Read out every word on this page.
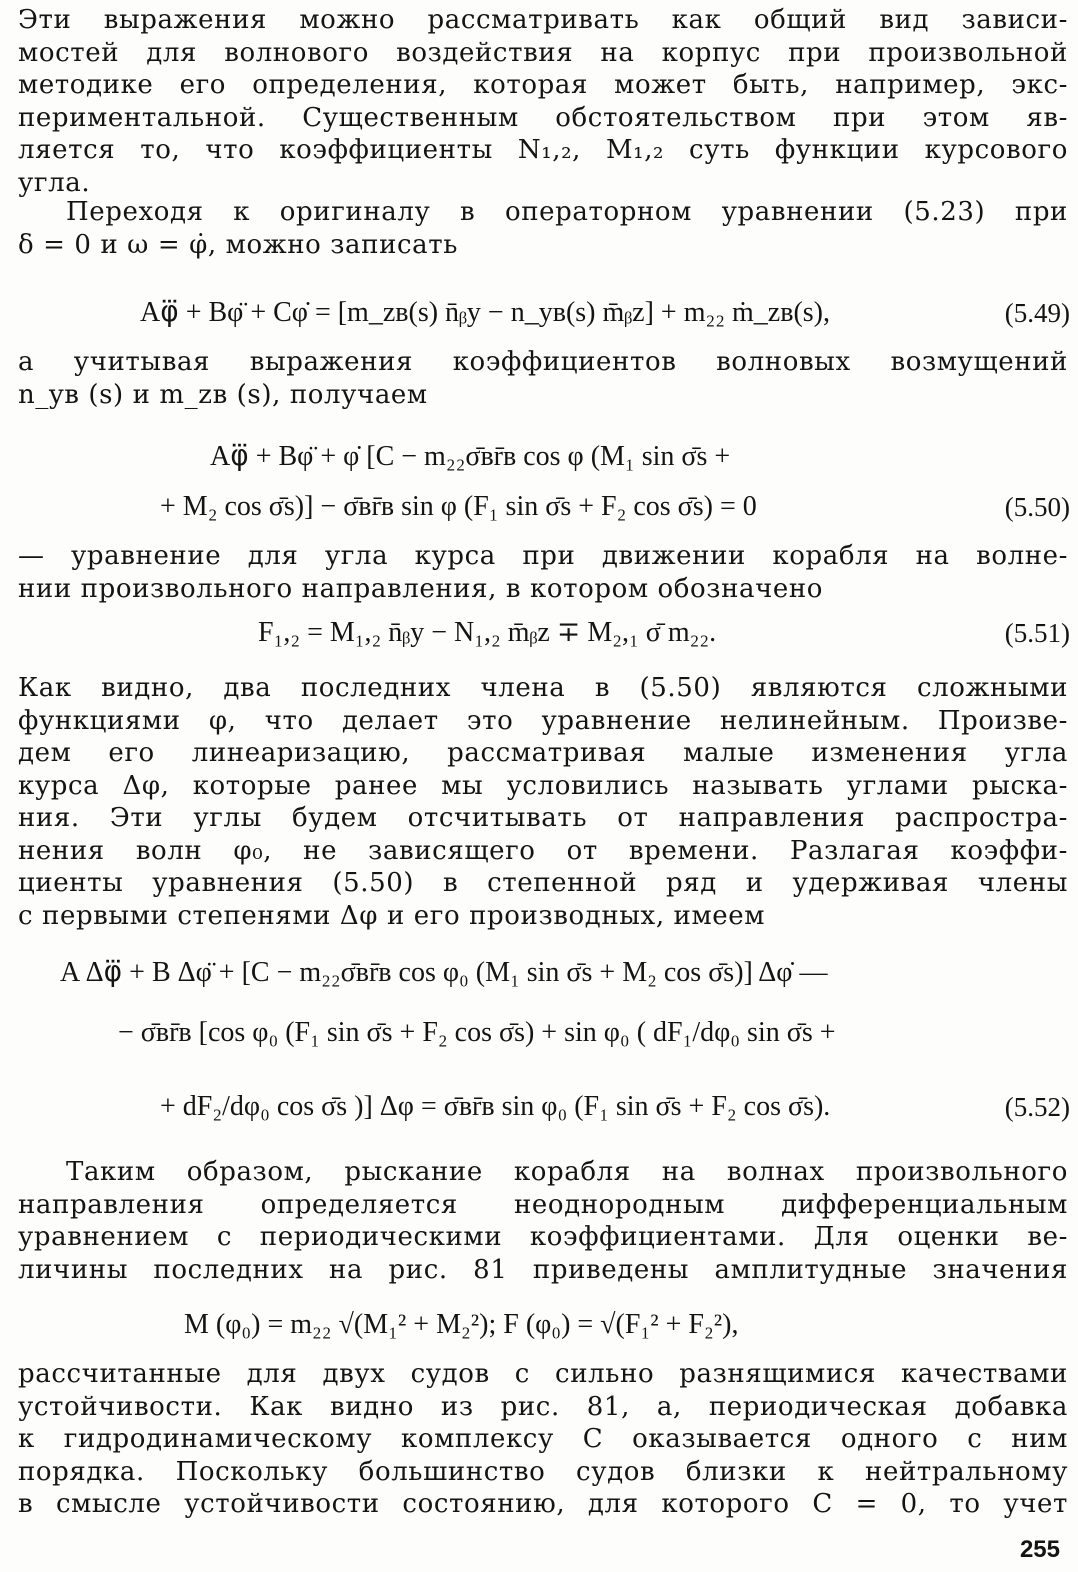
Эти выражения можно рассматривать как общий вид зависи-
мостей для волнового воздействия на корпус при произвольной
методике его определения, которая может быть, например, экс-
периментальной. Существенным обстоятельством при этом яв-
ляется то, что коэффициенты N₁,₂, M₁,₂ суть функции курсового
угла.
Переходя к оригиналу в операторном уравнении (5.23) при
δ = 0 и ω = φ̇, можно записать
Aφ⃛ + Bφ̈ + Cφ̇ = [m_zв(s) n̄ᵦy − n_yв(s) m̄ᵦz] + m₂₂ ṁ_zв(s),	(5.49)
а учитывая выражения коэффициентов волновых возмущений
n_yв (s) и m_zв (s), получаем
Aφ⃛ + Bφ̈ + φ̇ [C − m₂₂σ̄вr̄в cos φ (M₁ sin σ̄s +
+ M₂ cos σ̄s)] − σ̄вr̄в sin φ (F₁ sin σ̄s + F₂ cos σ̄s) = 0	(5.50)
— уравнение для угла курса при движении корабля на волне-
нии произвольного направления, в котором обозначено
F₁,₂ = M₁,₂ n̄ᵦy − N₁,₂ m̄ᵦz ∓ M₂,₁ σ̄ m₂₂.	(5.51)
Как видно, два последних члена в (5.50) являются сложными
функциями φ, что делает это уравнение нелинейным. Произве-
дем его линеаризацию, рассматривая малые изменения угла
курса Δφ, которые ранее мы условились называть углами рыска-
ния. Эти углы будем отсчитывать от направления распростра-
нения волн φ₀, не зависящего от времени. Разлагая коэффи-
циенты уравнения (5.50) в степенной ряд и удерживая члены
с первыми степенями Δφ и его производных, имеем
A Δφ⃛ + B Δφ̈ + [C − m₂₂σ̄вr̄в cos φ₀ (M₁ sin σ̄s + M₂ cos σ̄s)] Δφ̇ —
− σ̄вr̄в [cos φ₀ (F₁ sin σ̄s + F₂ cos σ̄s) + sin φ₀ ( dF₁/dφ₀ sin σ̄s +
+ dF₂/dφ₀ cos σ̄s )] Δφ = σ̄вr̄в sin φ₀ (F₁ sin σ̄s + F₂ cos σ̄s).	(5.52)
Таким образом, рыскание корабля на волнах произвольного
направления определяется неоднородным дифференциальным
уравнением с периодическими коэффициентами. Для оценки ве-
личины последних на рис. 81 приведены амплитудные значения
M (φ₀) = m₂₂ √(M₁² + M₂²); F (φ₀) = √(F₁² + F₂²),
рассчитанные для двух судов с сильно разнящимися качествами
устойчивости. Как видно из рис. 81, а, периодическая добавка
к гидродинамическому комплексу C оказывается одного с ним
порядка. Поскольку большинство судов близки к нейтральному
в смысле устойчивости состоянию, для которого C = 0, то учет
255
